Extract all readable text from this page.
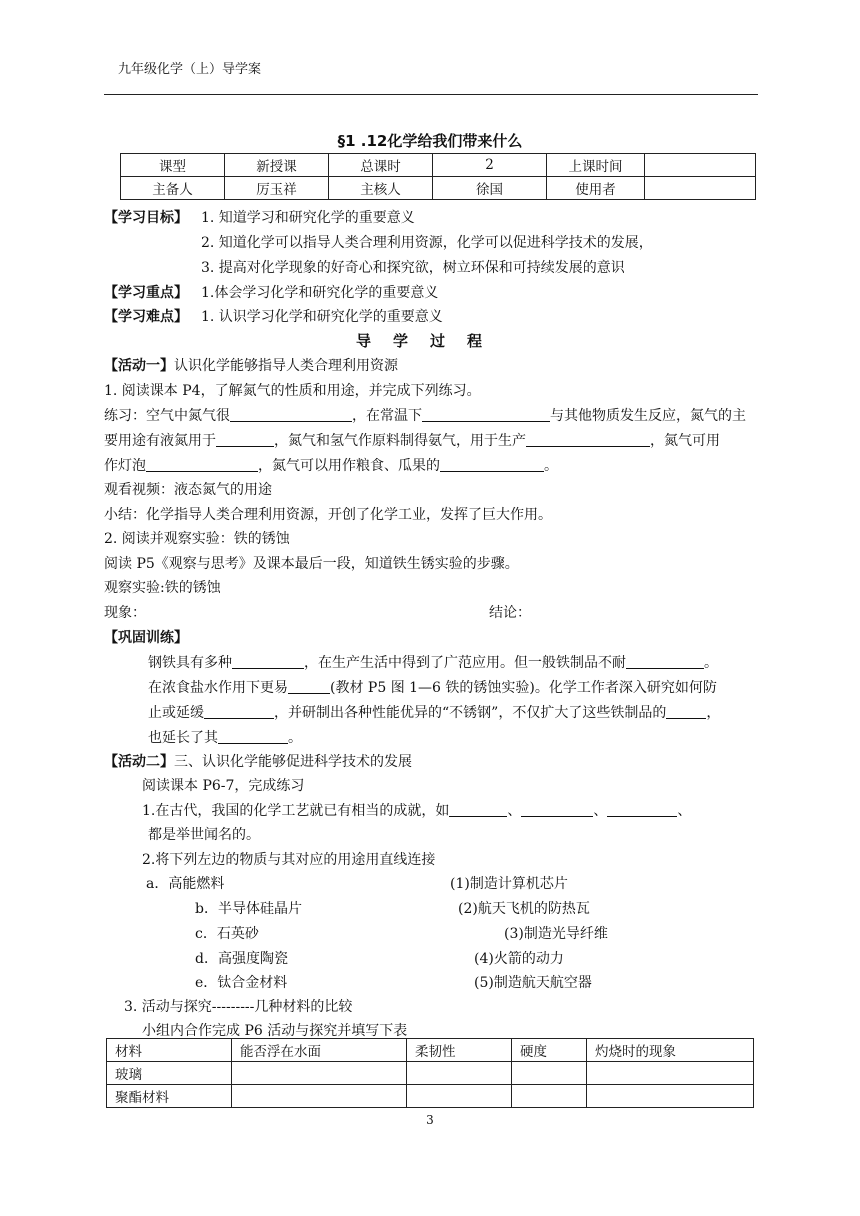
九年级化学（上）导学案
§1 .12化学给我们带来什么
课型	新授课	总课时	2	上课时间	
主备人	厉玉祥	主核人	徐国	使用者	
【学习目标】 1. 知道学习和研究化学的重要意义
2. 知道化学可以指导人类合理利用资源，化学可以促进科学技术的发展，
3. 提高对化学现象的好奇心和探究欲，树立环保和可持续发展的意识
【学习重点】 1.体会学习化学和研究化学的重要意义
【学习难点】 1. 认识学习化学和研究化学的重要意义
导学过程
【活动一】认识化学能够指导人类合理利用资源
1. 阅读课本 P4，了解氮气的性质和用途，并完成下列练习。
练习：空气中氮气很	，在常温下	与其他物质发生反应，氮气的主
要用途有液氮用于	，氮气和氢气作原料制得氨气，用于生产	，氮气可用
作灯泡	，氮气可以用作粮食、瓜果的	。
观看视频：液态氮气的用途
小结：化学指导人类合理利用资源，开创了化学工业，发挥了巨大作用。
2. 阅读并观察实验：铁的锈蚀
阅读 P5《观察与思考》及课本最后一段，知道铁生锈实验的步骤。
观察实验:铁的锈蚀
现象：	结论：
【巩固训练】
钢铁具有多种	，在生产生活中得到了广范应用。但一般铁制品不耐	。
在浓食盐水作用下更易	(教材 P5 图 1—6 铁的锈蚀实验)。化学工作者深入研究如何防
止或延缓	，并研制出各种性能优异的“不锈钢”，不仅扩大了这些铁制品的	，
也延长了其	。
【活动二】三、认识化学能够促进科学技术的发展
阅读课本 P6-7，完成练习
1.在古代，我国的化学工艺就已有相当的成就，如	、	、	、
都是举世闻名的。
2.将下列左边的物质与其对应的用途用直线连接
a．高能燃料
b．半导体硅晶片
c．石英砂
d．高强度陶瓷
e．钛合金材料
(1)制造计算机芯片
(2)航天飞机的防热瓦
(3)制造光导纤维
(4)火箭的动力
(5)制造航天航空器
3. 活动与探究---------几种材料的比较
小组内合作完成 P6 活动与探究并填写下表
材料	能否浮在水面	柔韧性	硬度	灼烧时的现象
玻璃				
聚酯材料				
3
